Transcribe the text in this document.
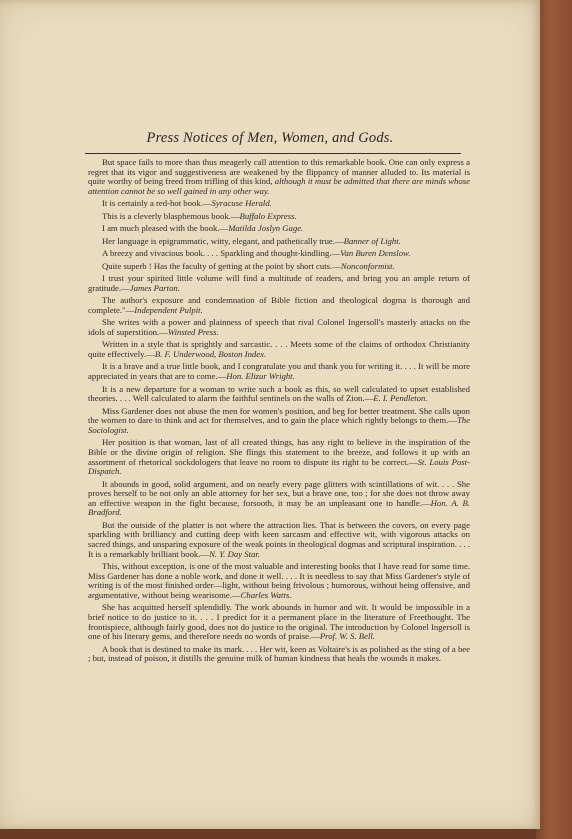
Press Notices of Men, Women, and Gods.

But space fails to more than thus meagerly call attention to this remarkable book. One can only express a regret that its vigor and suggestiveness are weakened by the flippancy of manner alluded to. Its material is quite worthy of being freed from trifling of this kind, although it must be admitted that there are minds whose attention cannot be so well gained in any other way.

It is certainly a red-hot book.—Syracuse Herald.

This is a cleverly blasphemous book.—Buffalo Express.

I am much pleased with the book.—Matilda Joslyn Gage.

Her language is epigrammatic, witty, elegant, and pathetically true.—Banner of Light.

A breezy and vivacious book. . . . Sparkling and thought-kindling.—Van Buren Denslow.

Quite superb ! Has the faculty of getting at the point by short cuts.—Nonconformist.

I trust your spirited little volume will find a multitude of readers, and bring you an ample return of gratitude.—James Parton.

The author's exposure and condemnation of Bible fiction and theological dogma is thorough and complete."—Independent Pulpit.

She writes with a power and plainness of speech that rival Colonel Ingersoll's masterly attacks on the idols of superstition.—Winsted Press.

Written in a style that is sprightly and sarcastic. . . . Meets some of the claims of orthodox Christianity quite effectively.—B. F. Underwood, Boston Index.

It is a brave and a true little book, and I congratulate you and thank you for writing it. . . . It will be more appreciated in years that are to come.—Hon. Elizur Wright.

It is a new departure for a woman to write such a book as this, so well calculated to upset established theories. . . . Well calculated to alarm the faithful sentinels on the walls of Zion.—E. I. Pendleton.

Miss Gardener does not abuse the men for women's position, and beg for better treatment. She calls upon the women to dare to think and act for themselves, and to gain the place which rightly belongs to them.—The Sociologist.

Her position is that woman, last of all created things, has any right to believe in the inspiration of the Bible or the divine origin of religion. She flings this statement to the breeze, and follows it up with an assortment of rhetorical sockdologers that leave no room to dispute its right to be correct.—St. Louis Post-Dispatch.

It abounds in good, solid argument, and on nearly every page glitters with scintillations of wit. . . . She proves herself to be not only an able attorney for her sex, but a brave one, too ; for she does not throw away an effective weapon in the fight because, forsooth, it may be an unpleasant one to handle.—Hon. A. B. Bradford.

But the outside of the platter is not where the attraction lies. That is between the covers, on every page sparkling with brilliancy and cutting deep with keen sarcasm and effective wit, with vigorous attacks on sacred things, and unsparing exposure of the weak points in theological dogmas and scriptural inspiration. . . . It is a remarkably brilliant book.—N. Y. Day Star.

This, without exception, is one of the most valuable and interesting books that I have read for some time. Miss Gardener has done a noble work, and done it well. . . . It is needless to say that Miss Gardener's style of writing is of the most finished order—light, without being frivolous ; humorous, without being offensive, and argumentative, without being wearisome.—Charles Watts.

She has acquitted herself splendidly. The work abounds in humor and wit. It would be impossible in a brief notice to do justice to it. . . . I predict for it a permanent place in the literature of Freethought. The frontispiece, although fairly good, does not do justice to the original. The introduction by Colonel Ingersoll is one of his literary gems, and therefore needs no words of praise.—Prof. W. S. Bell.

A book that is destined to make its mark. . . . Her wit, keen as Voltaire's is as polished as the sting of a bee ; but, instead of poison, it distills the genuine milk of human kindness that heals the wounds it makes.
